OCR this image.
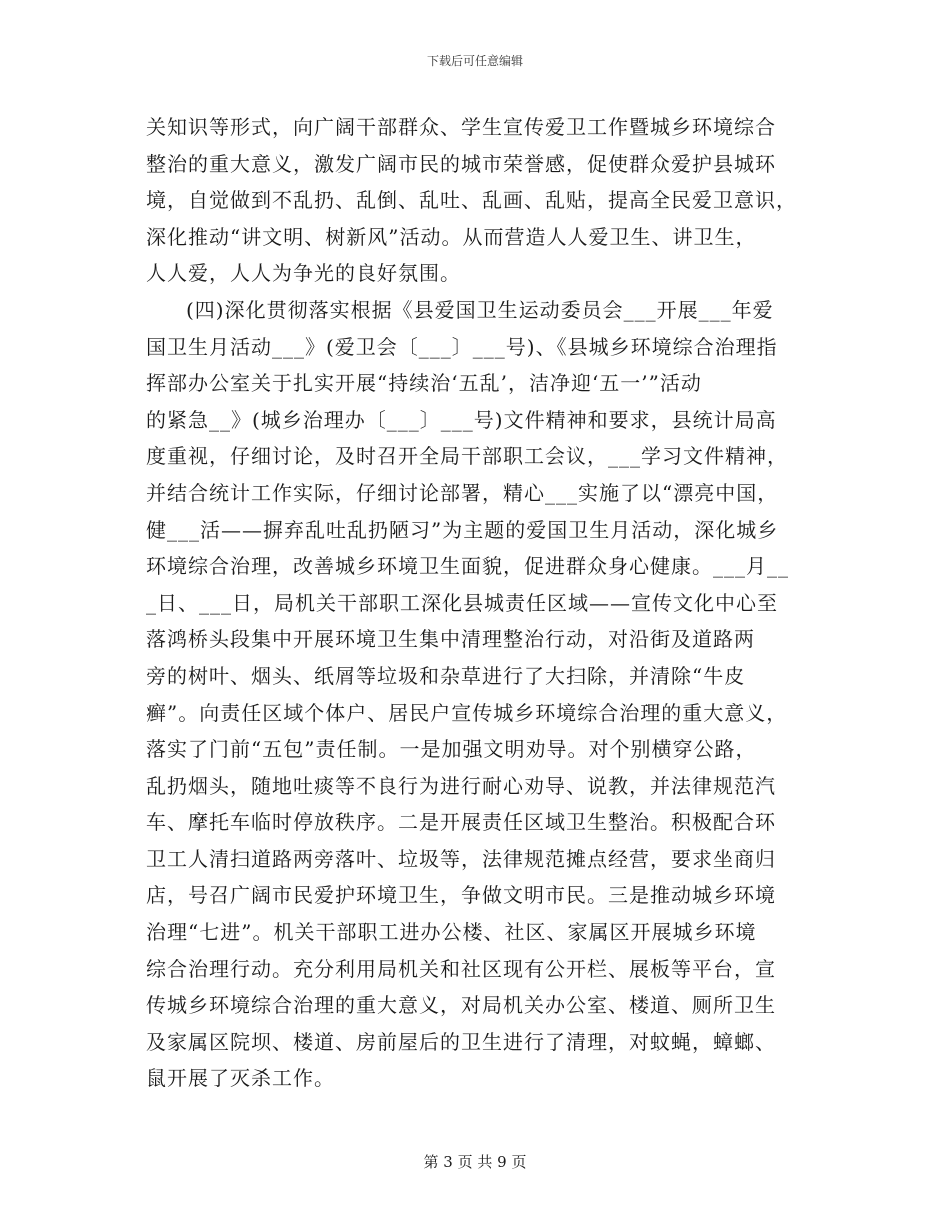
下载后可任意编辑

关知识等形式，向广阔干部群众、学生宣传爱卫工作暨城乡环境综合
整治的重大意义，激发广阔市民的城市荣誉感，促使群众爱护县城环
境，自觉做到不乱扔、乱倒、乱吐、乱画、乱贴，提高全民爱卫意识，
深化推动“讲文明、树新风”活动。从而营造人人爱卫生、讲卫生，
人人爱，人人为争光的良好氛围。

(四)深化贯彻落实根据《县爱国卫生运动委员会___开展___年爱
国卫生月活动___》(爱卫会〔___〕___号)、《县城乡环境综合治理指
挥部办公室关于扎实开展“持续治‘五乱’，洁净迎‘五一’”活动
的紧急__》(城乡治理办〔___〕___号)文件精神和要求，县统计局高
度重视，仔细讨论，及时召开全局干部职工会议，___学习文件精神，
并结合统计工作实际，仔细讨论部署，精心___实施了以“漂亮中国，
健___活——摒弃乱吐乱扔陋习”为主题的爱国卫生月活动，深化城乡
环境综合治理，改善城乡环境卫生面貌，促进群众身心健康。___月__
_日、___日，局机关干部职工深化县城责任区域——宣传文化中心至
落鸿桥头段集中开展环境卫生集中清理整治行动，对沿街及道路两
旁的树叶、烟头、纸屑等垃圾和杂草进行了大扫除，并清除“牛皮
癣”。向责任区域个体户、居民户宣传城乡环境综合治理的重大意义，
落实了门前“五包”责任制。一是加强文明劝导。对个别横穿公路，
乱扔烟头，随地吐痰等不良行为进行耐心劝导、说教，并法律规范汽
车、摩托车临时停放秩序。二是开展责任区域卫生整治。积极配合环
卫工人清扫道路两旁落叶、垃圾等，法律规范摊点经营，要求坐商归
店，号召广阔市民爱护环境卫生，争做文明市民。三是推动城乡环境
治理“七进”。机关干部职工进办公楼、社区、家属区开展城乡环境
综合治理行动。充分利用局机关和社区现有公开栏、展板等平台，宣
传城乡环境综合治理的重大意义，对局机关办公室、楼道、厕所卫生
及家属区院坝、楼道、房前屋后的卫生进行了清理，对蚊蝇，蟑螂、
鼠开展了灭杀工作。

第 3 页 共 9 页
